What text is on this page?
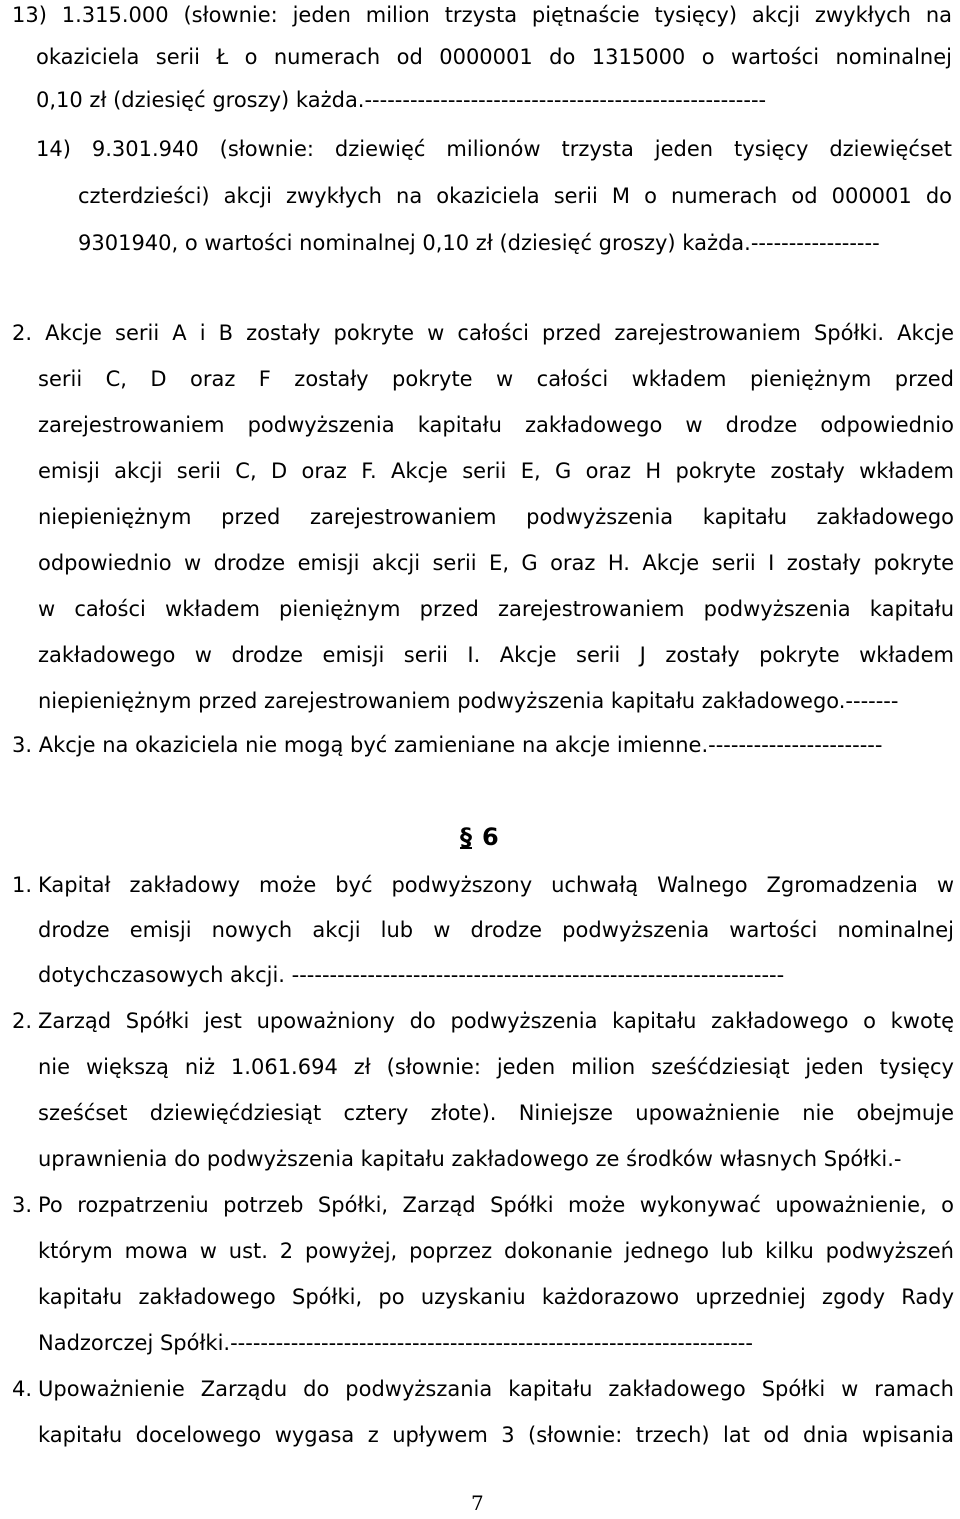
13) 1.315.000 (słownie: jeden milion trzysta piętnaście tysięcy) akcji zwykłych na
okaziciela serii Ł o numerach od 0000001 do 1315000 o wartości nominalnej
0,10 zł (dziesięć groszy) każda.-----------------------------------------------------
14) 9.301.940 (słownie: dziewięć milionów trzysta jeden tysięcy dziewięćset
czterdzieści) akcji zwykłych na okaziciela serii M o numerach od 000001 do
9301940, o wartości nominalnej 0,10 zł (dziesięć groszy) każda.-----------------
2. Akcje serii A i B zostały pokryte w całości przed zarejestrowaniem Spółki. Akcje
serii C, D oraz F zostały pokryte w całości wkładem pieniężnym przed
zarejestrowaniem podwyższenia kapitału zakładowego w drodze odpowiednio
emisji akcji serii C, D oraz F. Akcje serii E, G oraz H pokryte zostały wkładem
niepieniężnym przed zarejestrowaniem podwyższenia kapitału zakładowego
odpowiednio w drodze emisji akcji serii E, G oraz H. Akcje serii I zostały pokryte
w całości wkładem pieniężnym przed zarejestrowaniem podwyższenia kapitału
zakładowego w drodze emisji serii I. Akcje serii J zostały pokryte wkładem
niepieniężnym przed zarejestrowaniem podwyższenia kapitału zakładowego.-------
3. Akcje na okaziciela nie mogą być zamieniane na akcje imienne.-----------------------
§ 6
1. Kapitał zakładowy może być podwyższony uchwałą Walnego Zgromadzenia w
drodze emisji nowych akcji lub w drodze podwyższenia wartości nominalnej
dotychczasowych akcji. -----------------------------------------------------------------
2. Zarząd Spółki jest upoważniony do podwyższenia kapitału zakładowego o kwotę
nie większą niż 1.061.694 zł (słownie: jeden milion sześćdziesiąt jeden tysięcy
sześćset dziewięćdziesiąt cztery złote). Niniejsze upoważnienie nie obejmuje
uprawnienia do podwyższenia kapitału zakładowego ze środków własnych Spółki.-
3. Po rozpatrzeniu potrzeb Spółki, Zarząd Spółki może wykonywać upoważnienie, o
którym mowa w ust. 2 powyżej, poprzez dokonanie jednego lub kilku podwyższeń
kapitału zakładowego Spółki, po uzyskaniu każdorazowo uprzedniej zgody Rady
Nadzorczej Spółki.---------------------------------------------------------------------
4. Upoważnienie Zarządu do podwyższania kapitału zakładowego Spółki w ramach
kapitału docelowego wygasa z upływem 3 (słownie: trzech) lat od dnia wpisania
7
